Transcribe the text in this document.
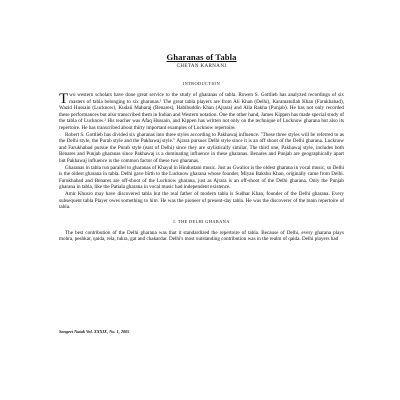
Gharanas of Tabla
CHETAN KARNANI
INTRODUCTION

Two western scholars have done great service to the study of gharanas of tabla. Rowen S. Gottlieb has analyzed recordings of six masters of tabla belonging to six gharanas.¹ The great tabla players are from Ali Khan (Delhi), Karamatullah Khan (Farukhabad), Wazid Hussain (Lucknow), Kudaii Maharaj (Benares), Habibuddin Khan (Ajrara) and Alla Rakha (Punjab). He has not only recorded these performances but also transcribed them in Indian and Western notation. One the other hand, James Kippen has made special study of the tabla of Lucknow.² His teacher was Afaq Hussain, and Kippen has written not only on the technique of Lucknow gharana but also its repertoire. He has transcribed about thirty important examples of Lucknow repertoire.

Robert S. Gottlieb has divided six gharanas into three styles according to Pakhawaj influence. "These three styles will be referred to as the Delhi style, the Purab style and the Pakhawaj style." Ajrara pursues Delhi style since it is an off shoot of the Delhi gharana. Lucknow and Farukhabad pursue the Purab style (east of Delhi) since they are stylistically similar. The third one, Pakhawaj style, includes both Benares and Punjab gharanas since Pakhawaj is a dominating influence in these gharanas. Benares and Punjab are geographically apart but Pakhawaj influence is the common factor of these two gharanas.

Gharanas in tabla run parallel to gharanas of Khayal in Hindustani music. Just as Gwalior is the oldest gharana in vocal music, so Delhi is the oldest gharana in tabla. Delhi gave birth to the Lucknow gharana whose founder, Miyan Bakshu Khan, originally came from Delhi. Farukhabad and Benares are off-shoot of the Lucknow gharana, just as Ajrara is an off-shoot of the Delhi gharana. Only the Punjab gharana in tabla, like the Patiala gharana in vocal music had independent existence.

Amir Khusro may have discovered tabla but the real father of modern tabla is Sudhar Khan, founder of the Delhi gharana. Every subsequent tabla Player owes something to him. He was the pioneer of present-day tabla. He was the discoverer of the main repertoire of tabla.

I. THE DELHI GHARANA

The best contribution of the Delhi gharana was that it standardized the repertoire of tabla. Because of Delhi, every gharana plays mohra, peshkar, qaida, rela, tukra, gat and chakardar. Delhi's most outstanding contribution was in the realm of qaida. Delhi players had

Sangeet Natak Vol. XXXIX, No. 1, 2005
